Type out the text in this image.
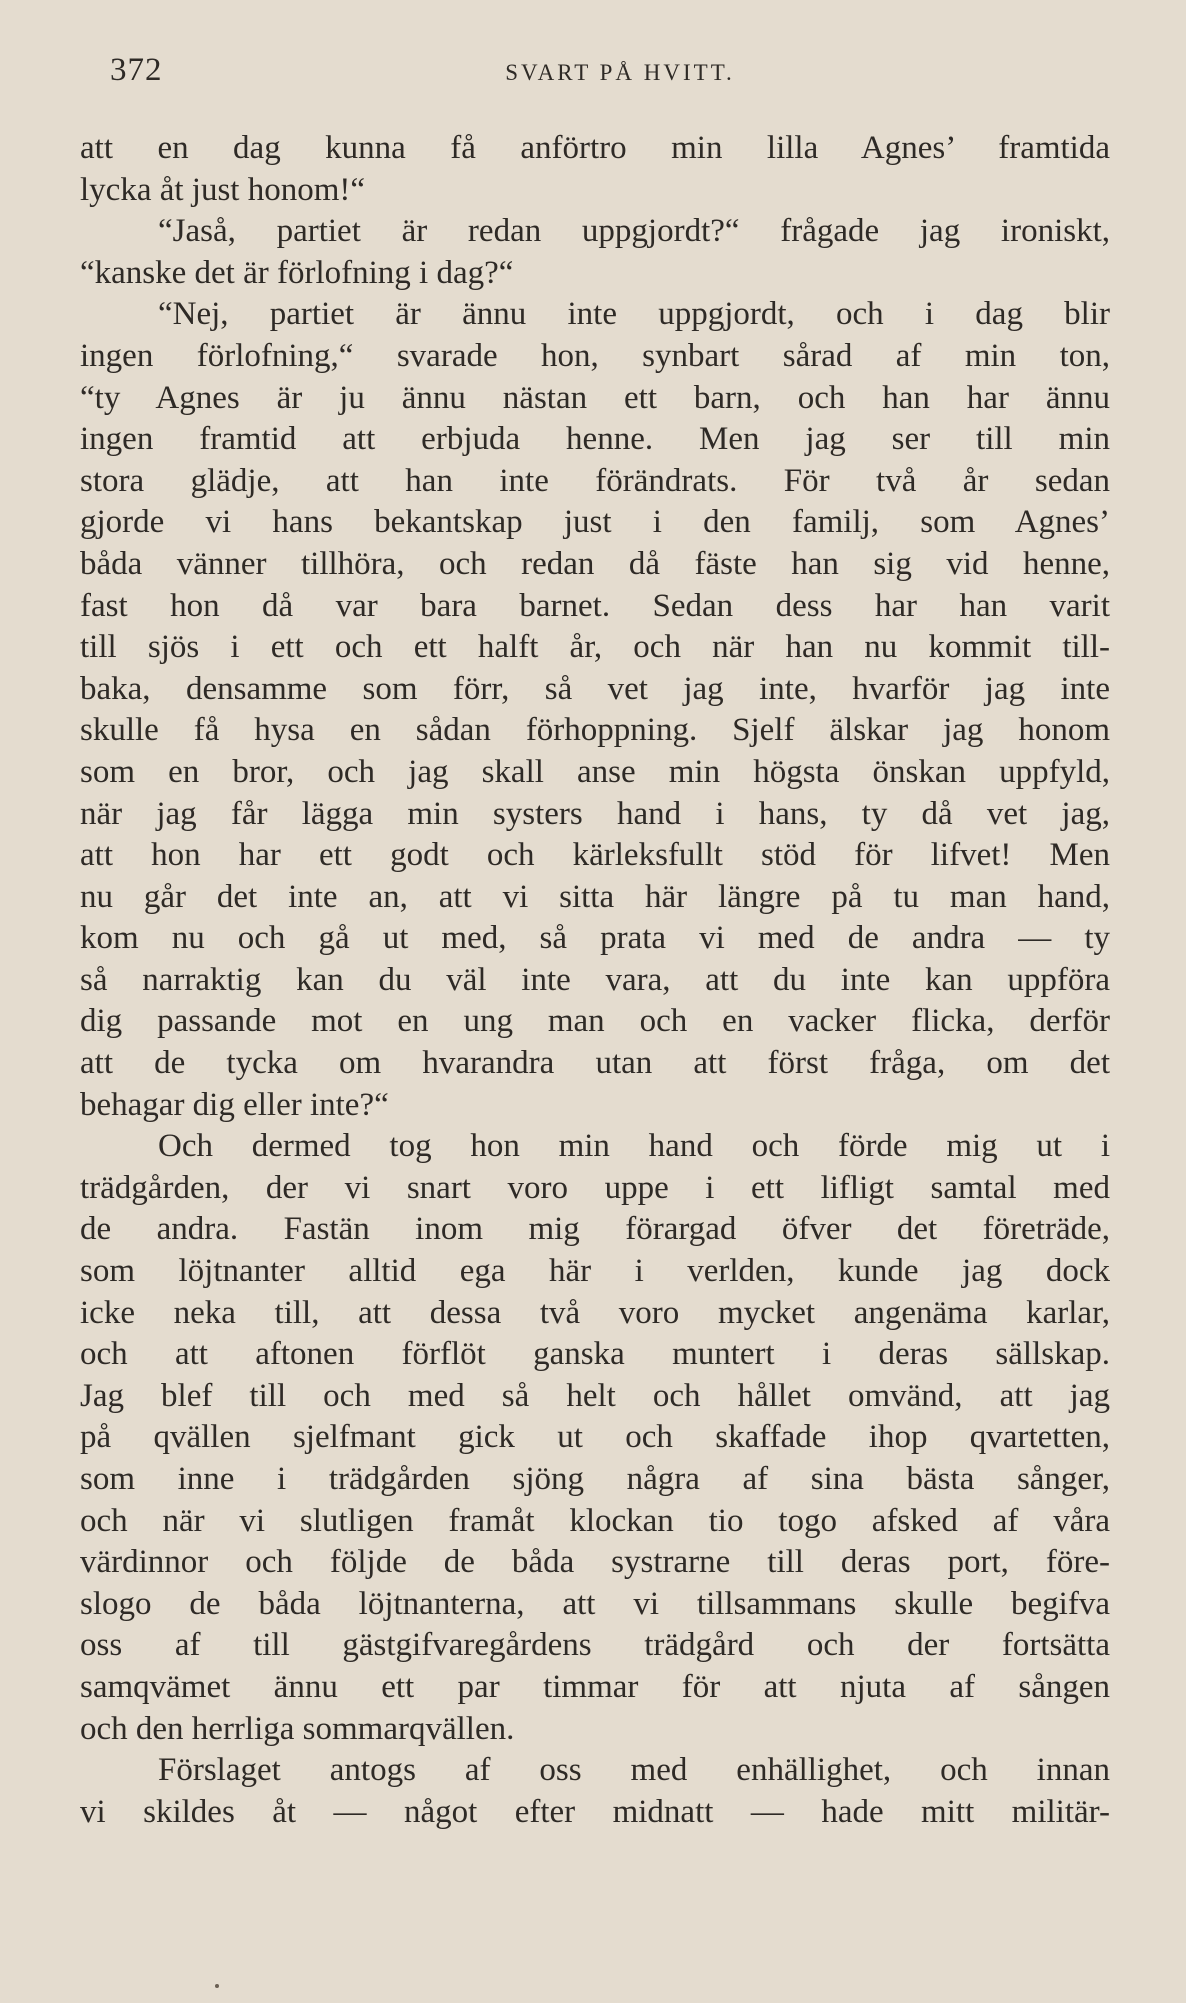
372	SVART PÅ HVITT.
att en dag kunna få anförtro min lilla Agnes’ framtida
lycka åt just honom!“
“Jaså, partiet är redan uppgjordt?“ frågade jag ironiskt,
“kanske det är förlofning i dag?“
“Nej, partiet är ännu inte uppgjordt, och i dag blir
ingen förlofning,“ svarade hon, synbart sårad af min ton,
“ty Agnes är ju ännu nästan ett barn, och han har ännu
ingen framtid att erbjuda henne. Men jag ser till min
stora glädje, att han inte förändrats. För två år sedan
gjorde vi hans bekantskap just i den familj, som Agnes’
båda vänner tillhöra, och redan då fäste han sig vid henne,
fast hon då var bara barnet. Sedan dess har han varit
till sjös i ett och ett halft år, och när han nu kommit till-
baka, densamme som förr, så vet jag inte, hvarför jag inte
skulle få hysa en sådan förhoppning. Sjelf älskar jag honom
som en bror, och jag skall anse min högsta önskan uppfyld,
när jag får lägga min systers hand i hans, ty då vet jag,
att hon har ett godt och kärleksfullt stöd för lifvet! Men
nu går det inte an, att vi sitta här längre på tu man hand,
kom nu och gå ut med, så prata vi med de andra — ty
så narraktig kan du väl inte vara, att du inte kan uppföra
dig passande mot en ung man och en vacker flicka, derför
att de tycka om hvarandra utan att först fråga, om det
behagar dig eller inte?“
Och dermed tog hon min hand och förde mig ut i
trädgården, der vi snart voro uppe i ett lifligt samtal med
de andra. Fastän inom mig förargad öfver det företräde,
som löjtnanter alltid ega här i verlden, kunde jag dock
icke neka till, att dessa två voro mycket angenäma karlar,
och att aftonen förflöt ganska muntert i deras sällskap.
Jag blef till och med så helt och hållet omvänd, att jag
på qvällen sjelfmant gick ut och skaffade ihop qvartetten,
som inne i trädgården sjöng några af sina bästa sånger,
och när vi slutligen framåt klockan tio togo afsked af våra
värdinnor och följde de båda systrarne till deras port, före-
slogo de båda löjtnanterna, att vi tillsammans skulle begifva
oss af till gästgifvaregårdens trädgård och der fortsätta
samqvämet ännu ett par timmar för att njuta af sången
och den herrliga sommarqvällen.
Förslaget antogs af oss med enhällighet, och innan
vi skildes åt — något efter midnatt — hade mitt militär-
